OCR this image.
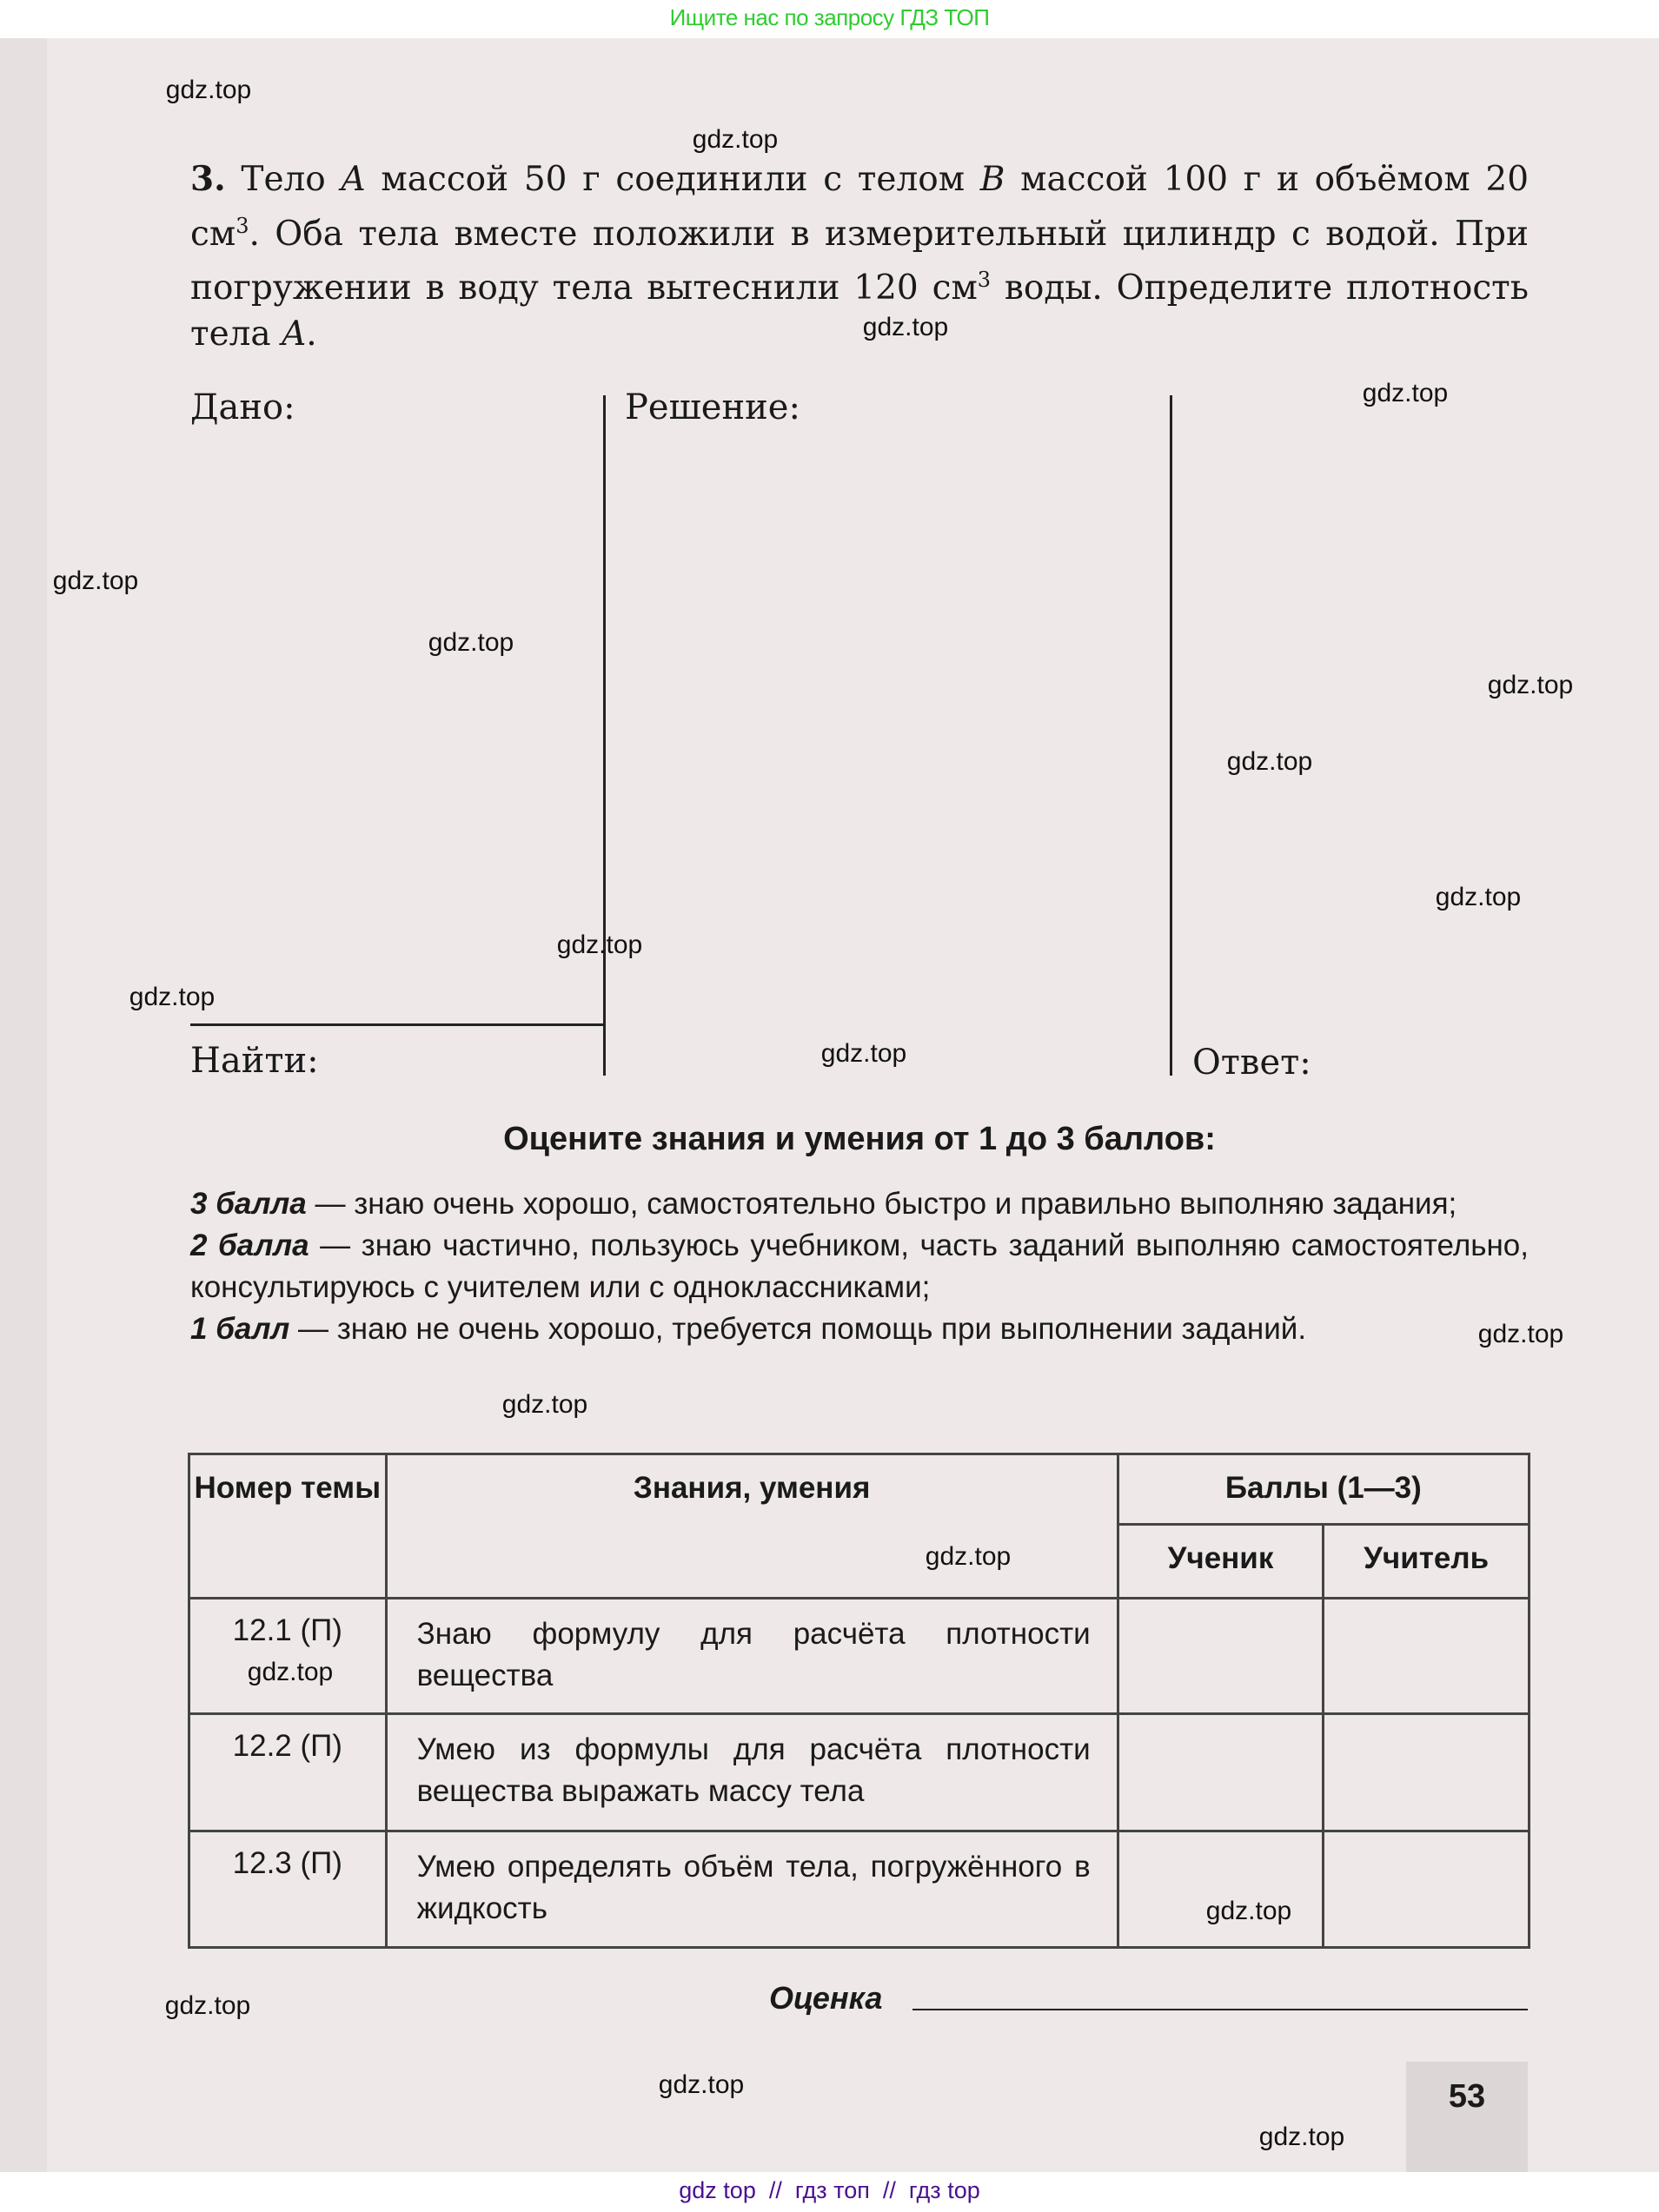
Ищите нас по запросу ГДЗ ТОП
3. Тело A массой 50 г соединили с телом B массой 100 г и объёмом 20 $см^3$. Оба тела вместе положили в измерительный цилиндр с водой. При погружении в воду тела вытеснили 120 $см^3$ воды. Определите плотность тела A.
Дано:	Решение:
Найти:	Ответ:
Оцените знания и умения от 1 до 3 баллов:
3 балла — знаю очень хорошо, самостоятельно быстро и правильно выполняю задания;
2 балла — знаю частично, пользуюсь учебником, часть заданий выполняю самостоятельно, консультируюсь с учителем или с одноклассниками;
1 балл — знаю не очень хорошо, требуется помощь при выполнении заданий.
Номер темы	Знания, умения	Баллы (1—3)	
		Ученик	Учитель
12.1 (П)	Знаю формулу для расчёта плотности вещества		
12.2 (П)	Умею из формулы для расчёта плотности вещества выражать массу тела		
12.3 (П)	Умею определять объём тела, погружённого в жидкость		
Оценка
53
gdz.top
gdz.top
gdz.top
gdz.top
gdz.top
gdz.top
gdz.top
gdz.top
gdz.top
gdz.top
gdz.top
gdz.top
gdz.top
gdz.top
gdz.top
gdz.top
gdz.top
gdz.top
gdz.top
gdz.top
gdz top // гдз топ // гдз top
